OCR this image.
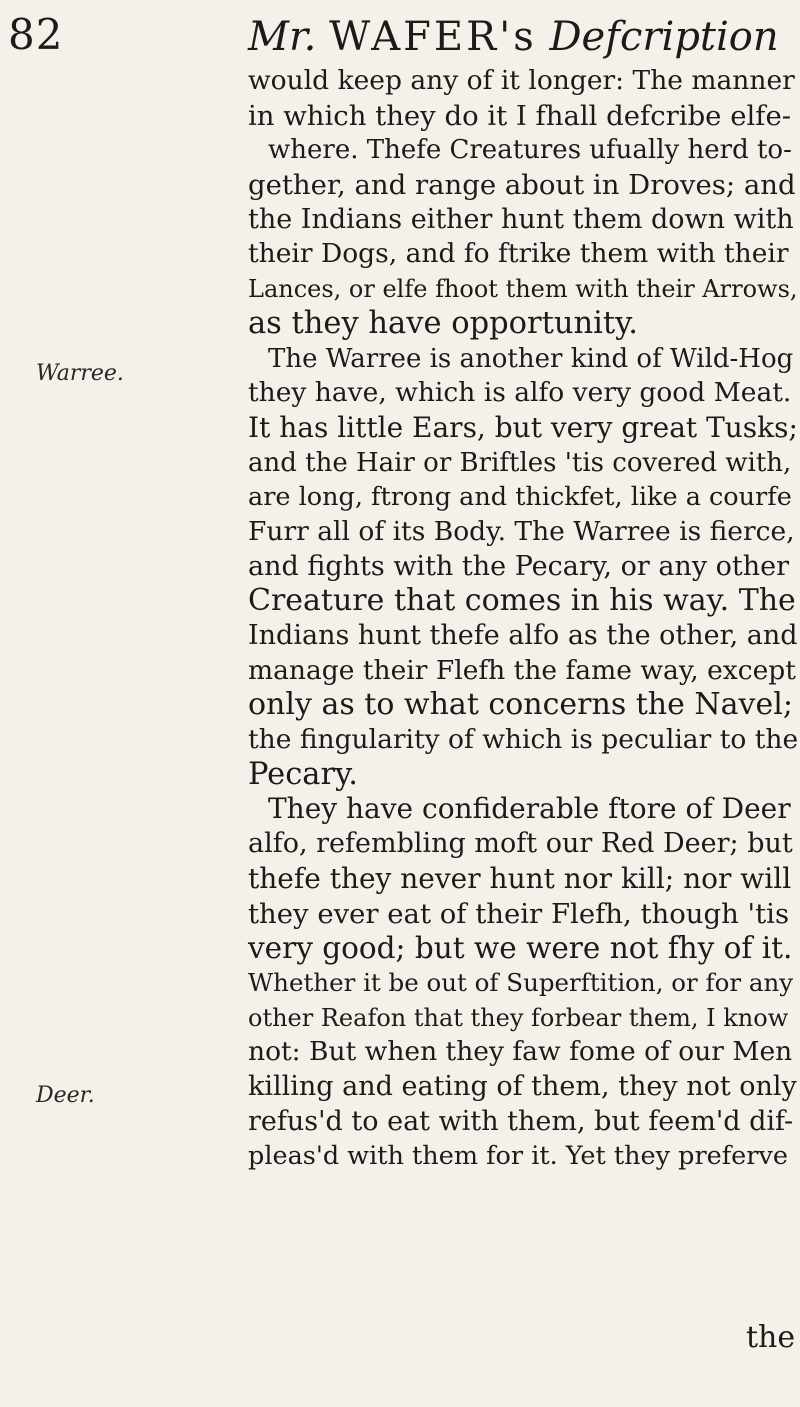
82	Mr. WAFER's Defcription
Warree.
Deer.
would keep any of it longer: The manner
in which they do it I fhall defcribe elfe-
where. Thefe Creatures ufually herd to-
gether, and range about in Droves; and
the Indians either hunt them down with
their Dogs, and fo ftrike them with their
Lances, or elfe fhoot them with their Arrows,
as they have opportunity.
The Warree is another kind of Wild-Hog
they have, which is alfo very good Meat.
It has little Ears, but very great Tusks;
and the Hair or Briftles 'tis covered with,
are long, ftrong and thickfet, like a courfe
Furr all of its Body. The Warree is fierce,
and fights with the Pecary, or any other
Creature that comes in his way. The
Indians hunt thefe alfo as the other, and
manage their Flefh the fame way, except
only as to what concerns the Navel;
the fingularity of which is peculiar to the
Pecary.
They have confiderable ftore of Deer
alfo, refembling moft our Red Deer; but
thefe they never hunt nor kill; nor will
they ever eat of their Flefh, though 'tis
very good; but we were not fhy of it.
Whether it be out of Superftition, or for any
other Reafon that they forbear them, I know
not: But when they faw fome of our Men
killing and eating of them, they not only
refus'd to eat with them, but feem'd dif-
pleas'd with them for it. Yet they preferve
the
